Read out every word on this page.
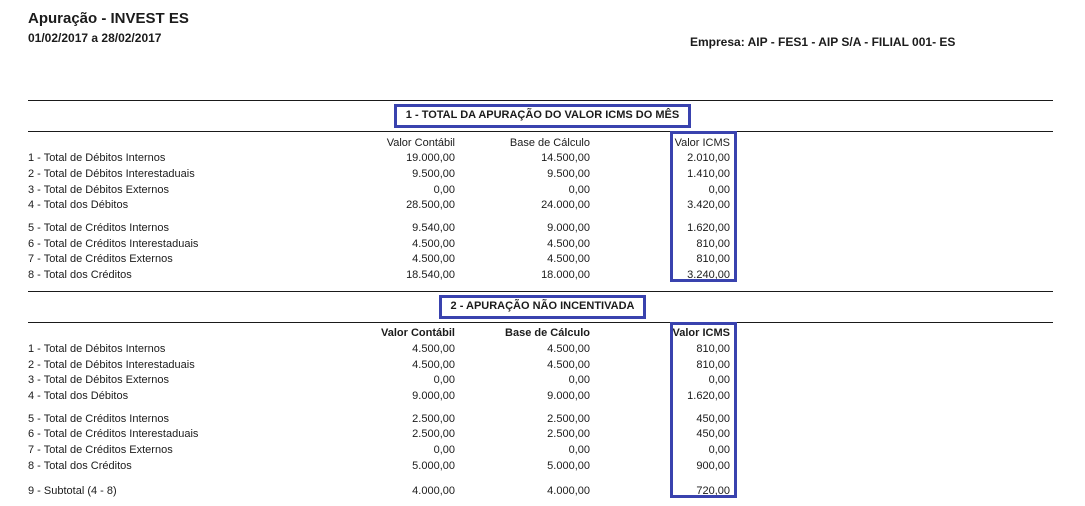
Apuração - INVEST ES
01/02/2017 a 28/02/2017	Empresa: AIP - FES1 - AIP S/A - FILIAL 001- ES
1 - TOTAL DA APURAÇÃO DO VALOR ICMS DO MÊS
Valor Contábil	Base de Cálculo	Valor ICMS
1 - Total de Débitos Internos	19.000,00	14.500,00	2.010,00
2 - Total de Débitos Interestaduais	9.500,00	9.500,00	1.410,00
3 - Total de Débitos Externos	0,00	0,00	0,00
4 - Total dos Débitos	28.500,00	24.000,00	3.420,00
5 - Total de Créditos Internos	9.540,00	9.000,00	1.620,00
6 - Total de Créditos Interestaduais	4.500,00	4.500,00	810,00
7 - Total de Créditos Externos	4.500,00	4.500,00	810,00
8 - Total dos Créditos	18.540,00	18.000,00	3.240,00
2 - APURAÇÃO NÃO INCENTIVADA
Valor Contábil	Base de Cálculo	Valor ICMS
1 - Total de Débitos Internos	4.500,00	4.500,00	810,00
2 - Total de Débitos Interestaduais	4.500,00	4.500,00	810,00
3 - Total de Débitos Externos	0,00	0,00	0,00
4 - Total dos Débitos	9.000,00	9.000,00	1.620,00
5 - Total de Créditos Internos	2.500,00	2.500,00	450,00
6 - Total de Créditos Interestaduais	2.500,00	2.500,00	450,00
7 - Total de Créditos Externos	0,00	0,00	0,00
8 - Total dos Créditos	5.000,00	5.000,00	900,00
9 - Subtotal (4 - 8)	4.000,00	4.000,00	720,00
